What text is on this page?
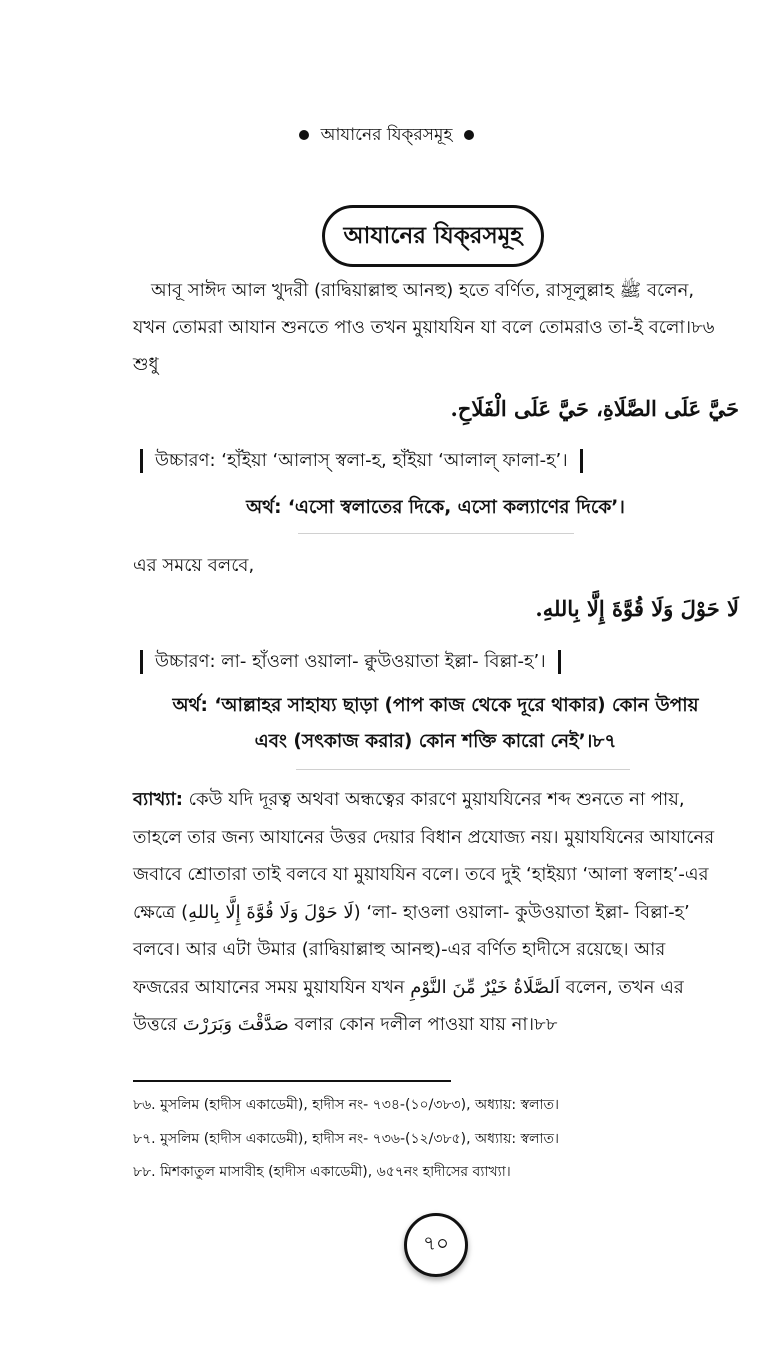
আযানের যিক্‌রসমূহ
আযানের যিক্‌রসমূহ
আবূ সাঈদ আল খুদরী (রাদ্বিয়াল্লাহু আনহু) হতে বর্ণিত, রাসূলুল্লাহ ﷺ বলেন,
যখন তোমরা আযান শুনতে পাও তখন মুয়াযযিন যা বলে তোমরাও তা-ই বলো।৮৬
শুধু
حَيَّ عَلَى الصَّلَاةِ، حَيَّ عَلَى الْفَلَاحِ.
উচ্চারণ: ‘হাঁইয়া ‘আলাস্ স্বলা-হ, হাঁইয়া ‘আলাল্ ফালা-হ’।
অর্থ: ‘এসো স্বলাতের দিকে, এসো কল্যাণের দিকে’।
এর সময়ে বলবে,
لَا حَوْلَ وَلَا قُوَّةَ إِلَّا بِاللهِ.
উচ্চারণ: লা- হাঁওলা ওয়ালা- ক্বুউওয়াতা ইল্লা- বিল্লা-হ’।
অর্থ: ‘আল্লাহর সাহায্য ছাড়া (পাপ কাজ থেকে দূরে থাকার) কোন উপায়
এবং (সৎকাজ করার) কোন শক্তি কারো নেই’।৮৭
ব্যাখ্যা: কেউ যদি দূরত্ব অথবা অন্ধত্বের কারণে মুয়াযযিনের শব্দ শুনতে না পায়,
তাহলে তার জন্য আযানের উত্তর দেয়ার বিধান প্রযোজ্য নয়। মুয়াযযিনের আযানের
জবাবে শ্রোতারা তাই বলবে যা মুয়াযযিন বলে। তবে দুই ‘হাইয়্যা ‘আলা স্বলাহ’-এর
ক্ষেত্রে (لَا حَوْلَ وَلَا قُوَّةَ إِلَّا بِاللهِ) ‘লা- হাওলা ওয়ালা- কুউওয়াতা ইল্লা- বিল্লা-হ’
বলবে। আর এটা উমার (রাদ্বিয়াল্লাহু আনহু)-এর বর্ণিত হাদীসে রয়েছে। আর
ফজরের আযানের সময় মুয়াযযিন যখন اَلصَّلَاةُ خَيْرٌ مِّنَ النَّوْمِ বলেন, তখন এর
উত্তরে صَدَّقْتَ وَبَرَرْتَ বলার কোন দলীল পাওয়া যায় না।৮৮
৮৬. মুসলিম (হাদীস একাডেমী), হাদীস নং- ৭৩৪-(১০/৩৮৩), অধ্যায়: স্বলাত।
৮৭. মুসলিম (হাদীস একাডেমী), হাদীস নং- ৭৩৬-(১২/৩৮৫), অধ্যায়: স্বলাত।
৮৮. মিশকাতুল মাসাবীহ (হাদীস একাডেমী), ৬৫৭নং হাদীসের ব্যাখ্যা।
৭০
